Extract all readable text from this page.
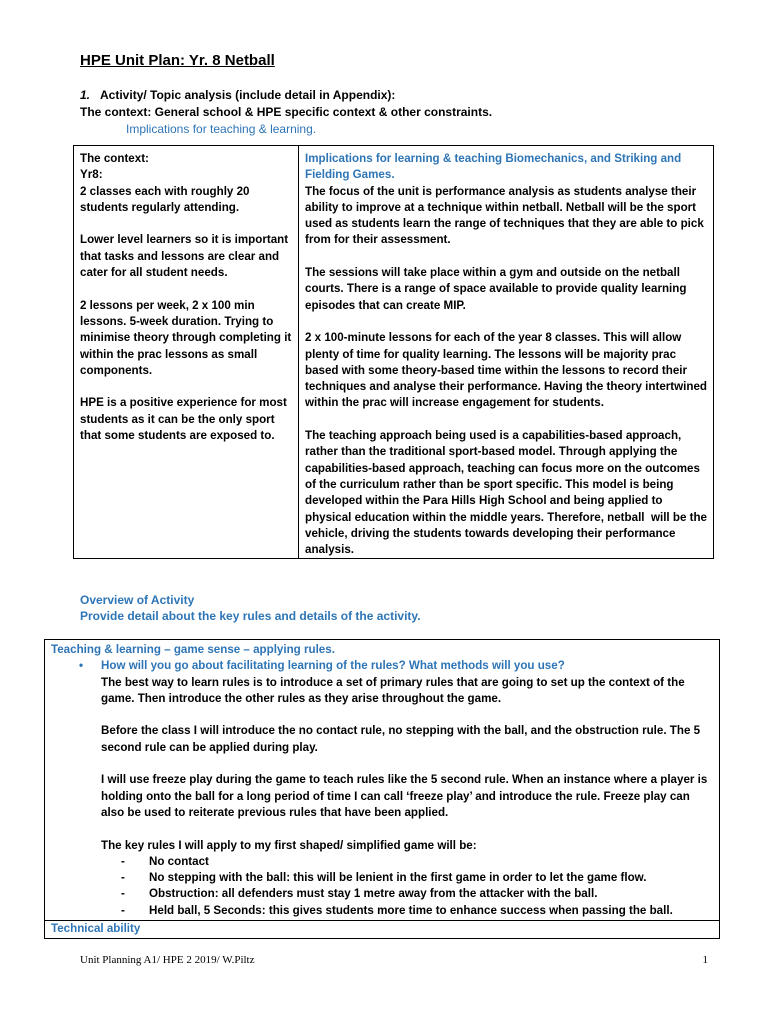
HPE Unit Plan: Yr. 8 Netball
1. Activity/ Topic analysis (include detail in Appendix):
The context: General school & HPE specific context & other constraints.
Implications for teaching & learning.

The context:
Yr8:
2 classes each with roughly 20 students regularly attending.

Lower level learners so it is important that tasks and lessons are clear and cater for all student needs.

2 lessons per week, 2 x 100 min lessons. 5-week duration. Trying to minimise theory through completing it within the prac lessons as small components.

HPE is a positive experience for most students as it can be the only sport that some students are exposed to.

Implications for learning & teaching Biomechanics, and Striking and Fielding Games.

The focus of the unit is performance analysis as students analyse their ability to improve at a technique within netball. Netball will be the sport used as students learn the range of techniques that they are able to pick from for their assessment.

The sessions will take place within a gym and outside on the netball courts. There is a range of space available to provide quality learning episodes that can create MIP.

2 x 100-minute lessons for each of the year 8 classes. This will allow plenty of time for quality learning. The lessons will be majority prac based with some theory-based time within the lessons to record their techniques and analyse their performance. Having the theory intertwined within the prac will increase engagement for students.

The teaching approach being used is a capabilities-based approach, rather than the traditional sport-based model. Through applying the capabilities-based approach, teaching can focus more on the outcomes of the curriculum rather than be sport specific. This model is being developed within the Para Hills High School and being applied to physical education within the middle years. Therefore, netball  will be the vehicle, driving the students towards developing their performance analysis.

Overview of Activity
Provide detail about the key rules and details of the activity.
Teaching & learning – game sense – applying rules.
• How will you go about facilitating learning of the rules? What methods will you use?

The best way to learn rules is to introduce a set of primary rules that are going to set up the context of the game. Then introduce the other rules as they arise throughout the game.

Before the class I will introduce the no contact rule, no stepping with the ball, and the obstruction rule. The 5 second rule can be applied during play.

I will use freeze play during the game to teach rules like the 5 second rule. When an instance where a player is holding onto the ball for a long period of time I can call ‘freeze play’ and introduce the rule. Freeze play can also be used to reiterate previous rules that have been applied.

The key rules I will apply to my first shaped/ simplified game will be:

- No contact
- No stepping with the ball: this will be lenient in the first game in order to let the game flow.
- Obstruction: all defenders must stay 1 metre away from the attacker with the ball.
- Held ball, 5 Seconds: this gives students more time to enhance success when passing the ball.
Technical ability
Unit Planning A1/ HPE 2 2019/ W.Piltz	1
